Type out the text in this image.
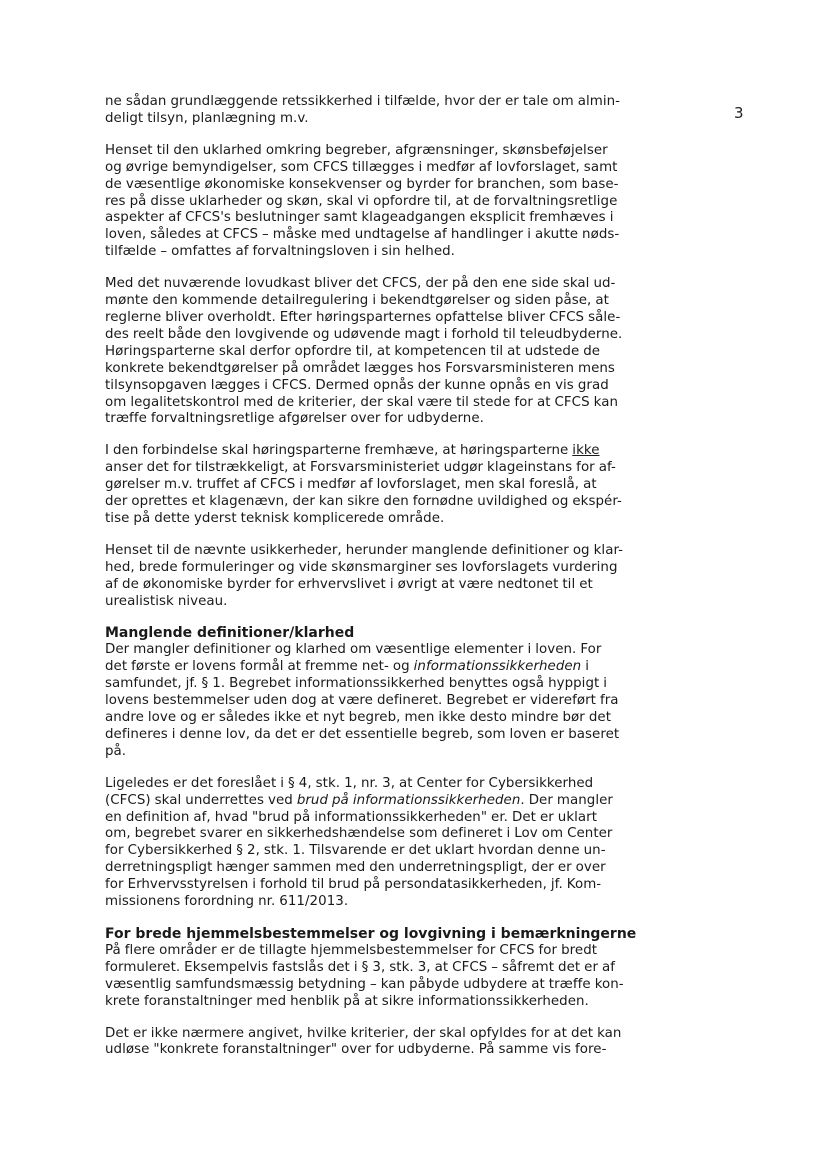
3

ne sådan grundlæggende retssikkerhed i tilfælde, hvor der er tale om almin-
deligt tilsyn, planlægning m.v.

Henset til den uklarhed omkring begreber, afgrænsninger, skønsbeføjelser
og øvrige bemyndigelser, som CFCS tillægges i medfør af lovforslaget, samt
de væsentlige økonomiske konsekvenser og byrder for branchen, som base-
res på disse uklarheder og skøn, skal vi opfordre til, at de forvaltningsretlige
aspekter af CFCS's beslutninger samt klageadgangen eksplicit fremhæves i
loven, således at CFCS – måske med undtagelse af handlinger i akutte nøds-
tilfælde – omfattes af forvaltningsloven i sin helhed.

Med det nuværende lovudkast bliver det CFCS, der på den ene side skal ud-
mønte den kommende detailregulering i bekendtgørelser og siden påse, at
reglerne bliver overholdt. Efter høringsparternes opfattelse bliver CFCS såle-
des reelt både den lovgivende og udøvende magt i forhold til teleudbyderne.
Høringsparterne skal derfor opfordre til, at kompetencen til at udstede de
konkrete bekendtgørelser på området lægges hos Forsvarsministeren mens
tilsynsopgaven lægges i CFCS. Dermed opnås der kunne opnås en vis grad
om legalitetskontrol med de kriterier, der skal være til stede for at CFCS kan
træffe forvaltningsretlige afgørelser over for udbyderne.

I den forbindelse skal høringsparterne fremhæve, at høringsparterne ikke
anser det for tilstrækkeligt, at Forsvarsministeriet udgør klageinstans for af-
gørelser m.v. truffet af CFCS i medfør af lovforslaget, men skal foreslå, at
der oprettes et klagenævn, der kan sikre den fornødne uvildighed og ekspér-
tise på dette yderst teknisk komplicerede område.

Henset til de nævnte usikkerheder, herunder manglende definitioner og klar-
hed, brede formuleringer og vide skønsmarginer ses lovforslagets vurdering
af de økonomiske byrder for erhvervslivet i øvrigt at være nedtonet til et
urealistisk niveau.

Manglende definitioner/klarhed

Der mangler definitioner og klarhed om væsentlige elementer i loven. For
det første er lovens formål at fremme net- og informationssikkerheden i
samfundet, jf. § 1. Begrebet informationssikkerhed benyttes også hyppigt i
lovens bestemmelser uden dog at være defineret. Begrebet er videreført fra
andre love og er således ikke et nyt begreb, men ikke desto mindre bør det
defineres i denne lov, da det er det essentielle begreb, som loven er baseret
på.

Ligeledes er det foreslået i § 4, stk. 1, nr. 3, at Center for Cybersikkerhed
(CFCS) skal underrettes ved brud på informationssikkerheden. Der mangler
en definition af, hvad "brud på informationssikkerheden" er. Det er uklart
om, begrebet svarer en sikkerhedshændelse som defineret i Lov om Center
for Cybersikkerhed § 2, stk. 1. Tilsvarende er det uklart hvordan denne un-
derretningspligt hænger sammen med den underretningspligt, der er over
for Erhvervsstyrelsen i forhold til brud på persondatasikkerheden, jf. Kom-
missionens forordning nr. 611/2013.

For brede hjemmelsbestemmelser og lovgivning i bemærkningerne

På flere områder er de tillagte hjemmelsbestemmelser for CFCS for bredt
formuleret. Eksempelvis fastslås det i § 3, stk. 3, at CFCS – såfremt det er af
væsentlig samfundsmæssig betydning – kan påbyde udbydere at træffe kon-
krete foranstaltninger med henblik på at sikre informationssikkerheden.

Det er ikke nærmere angivet, hvilke kriterier, der skal opfyldes for at det kan
udløse "konkrete foranstaltninger" over for udbyderne. På samme vis fore-
